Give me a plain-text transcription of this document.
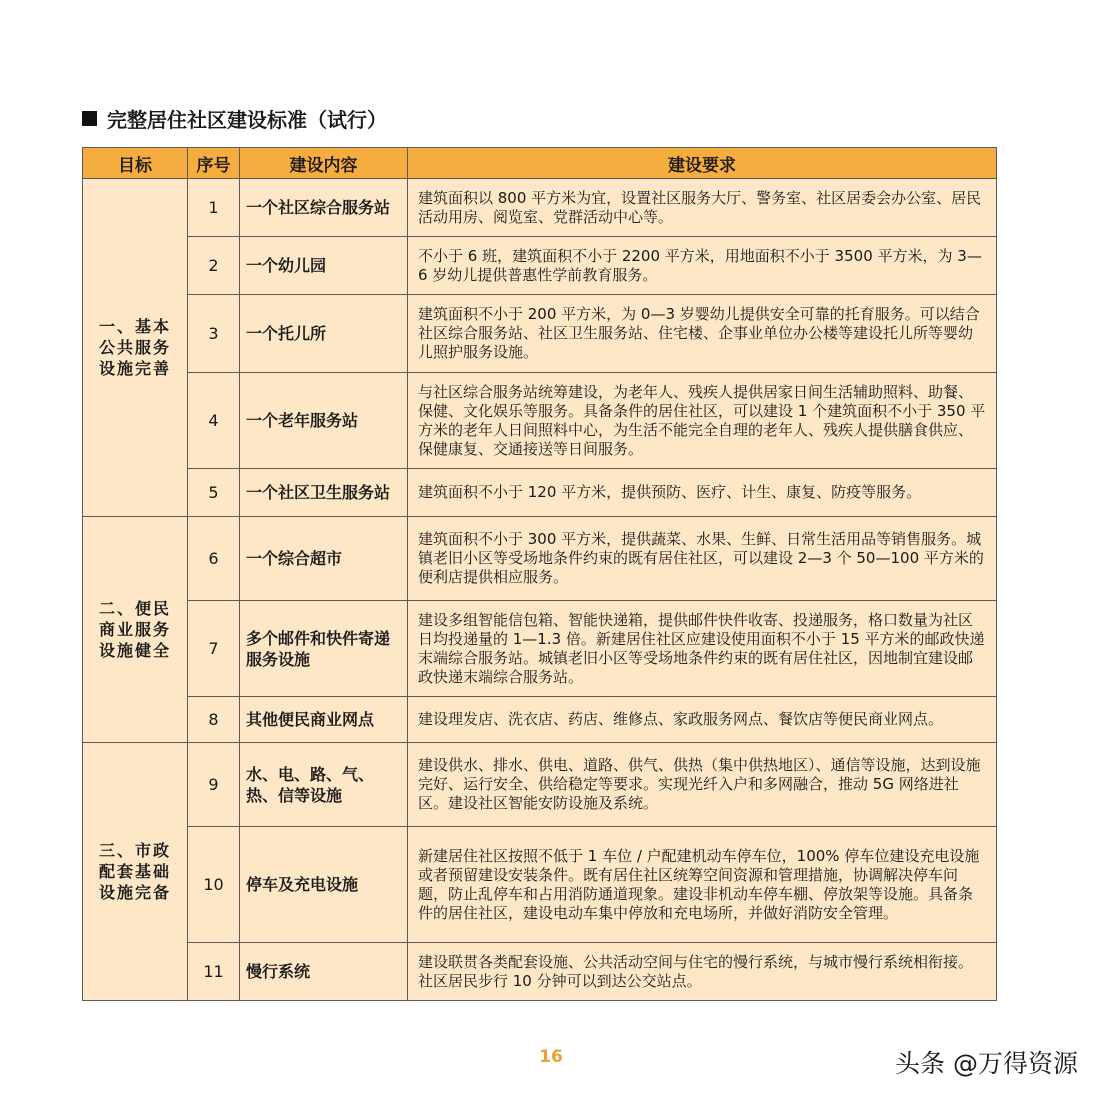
完整居住社区建设标准（试行）
目标	序号	建设内容	建设要求
一、基本公共服务设施完善	1	一个社区综合服务站	建筑面积以 800 平方米为宜，设置社区服务大厅、警务室、社区居委会办公室、居民活动用房、阅览室、党群活动中心等。
	2	一个幼儿园	不小于 6 班，建筑面积不小于 2200 平方米，用地面积不小于 3500 平方米，为 3—6 岁幼儿提供普惠性学前教育服务。
	3	一个托儿所	建筑面积不小于 200 平方米，为 0—3 岁婴幼儿提供安全可靠的托育服务。可以结合社区综合服务站、社区卫生服务站、住宅楼、企事业单位办公楼等建设托儿所等婴幼儿照护服务设施。
	4	一个老年服务站	与社区综合服务站统筹建设，为老年人、残疾人提供居家日间生活辅助照料、助餐、保健、文化娱乐等服务。具备条件的居住社区，可以建设 1 个建筑面积不小于 350 平方米的老年人日间照料中心，为生活不能完全自理的老年人、残疾人提供膳食供应、保健康复、交通接送等日间服务。
	5	一个社区卫生服务站	建筑面积不小于 120 平方米，提供预防、医疗、计生、康复、防疫等服务。
二、便民商业服务设施健全	6	一个综合超市	建筑面积不小于 300 平方米，提供蔬菜、水果、生鲜、日常生活用品等销售服务。城镇老旧小区等受场地条件约束的既有居住社区，可以建设 2—3 个 50—100 平方米的便利店提供相应服务。
	7	多个邮件和快件寄递服务设施	建设多组智能信包箱、智能快递箱，提供邮件快件收寄、投递服务，格口数量为社区日均投递量的 1—1.3 倍。新建居住社区应建设使用面积不小于 15 平方米的邮政快递末端综合服务站。城镇老旧小区等受场地条件约束的既有居住社区，因地制宜建设邮政快递末端综合服务站。
	8	其他便民商业网点	建设理发店、洗衣店、药店、维修点、家政服务网点、餐饮店等便民商业网点。
三、市政配套基础设施完备	9	水、电、路、气、热、信等设施	建设供水、排水、供电、道路、供气、供热（集中供热地区）、通信等设施，达到设施完好、运行安全、供给稳定等要求。实现光纤入户和多网融合，推动 5G 网络进社区。建设社区智能安防设施及系统。
	10	停车及充电设施	新建居住社区按照不低于 1 车位 / 户配建机动车停车位，100% 停车位建设充电设施或者预留建设安装条件。既有居住社区统筹空间资源和管理措施，协调解决停车问题，防止乱停车和占用消防通道现象。建设非机动车停车棚、停放架等设施。具备条件的居住社区，建设电动车集中停放和充电场所，并做好消防安全管理。
	11	慢行系统	建设联贯各类配套设施、公共活动空间与住宅的慢行系统，与城市慢行系统相衔接。社区居民步行 10 分钟可以到达公交站点。
16	头条 @万得资源
